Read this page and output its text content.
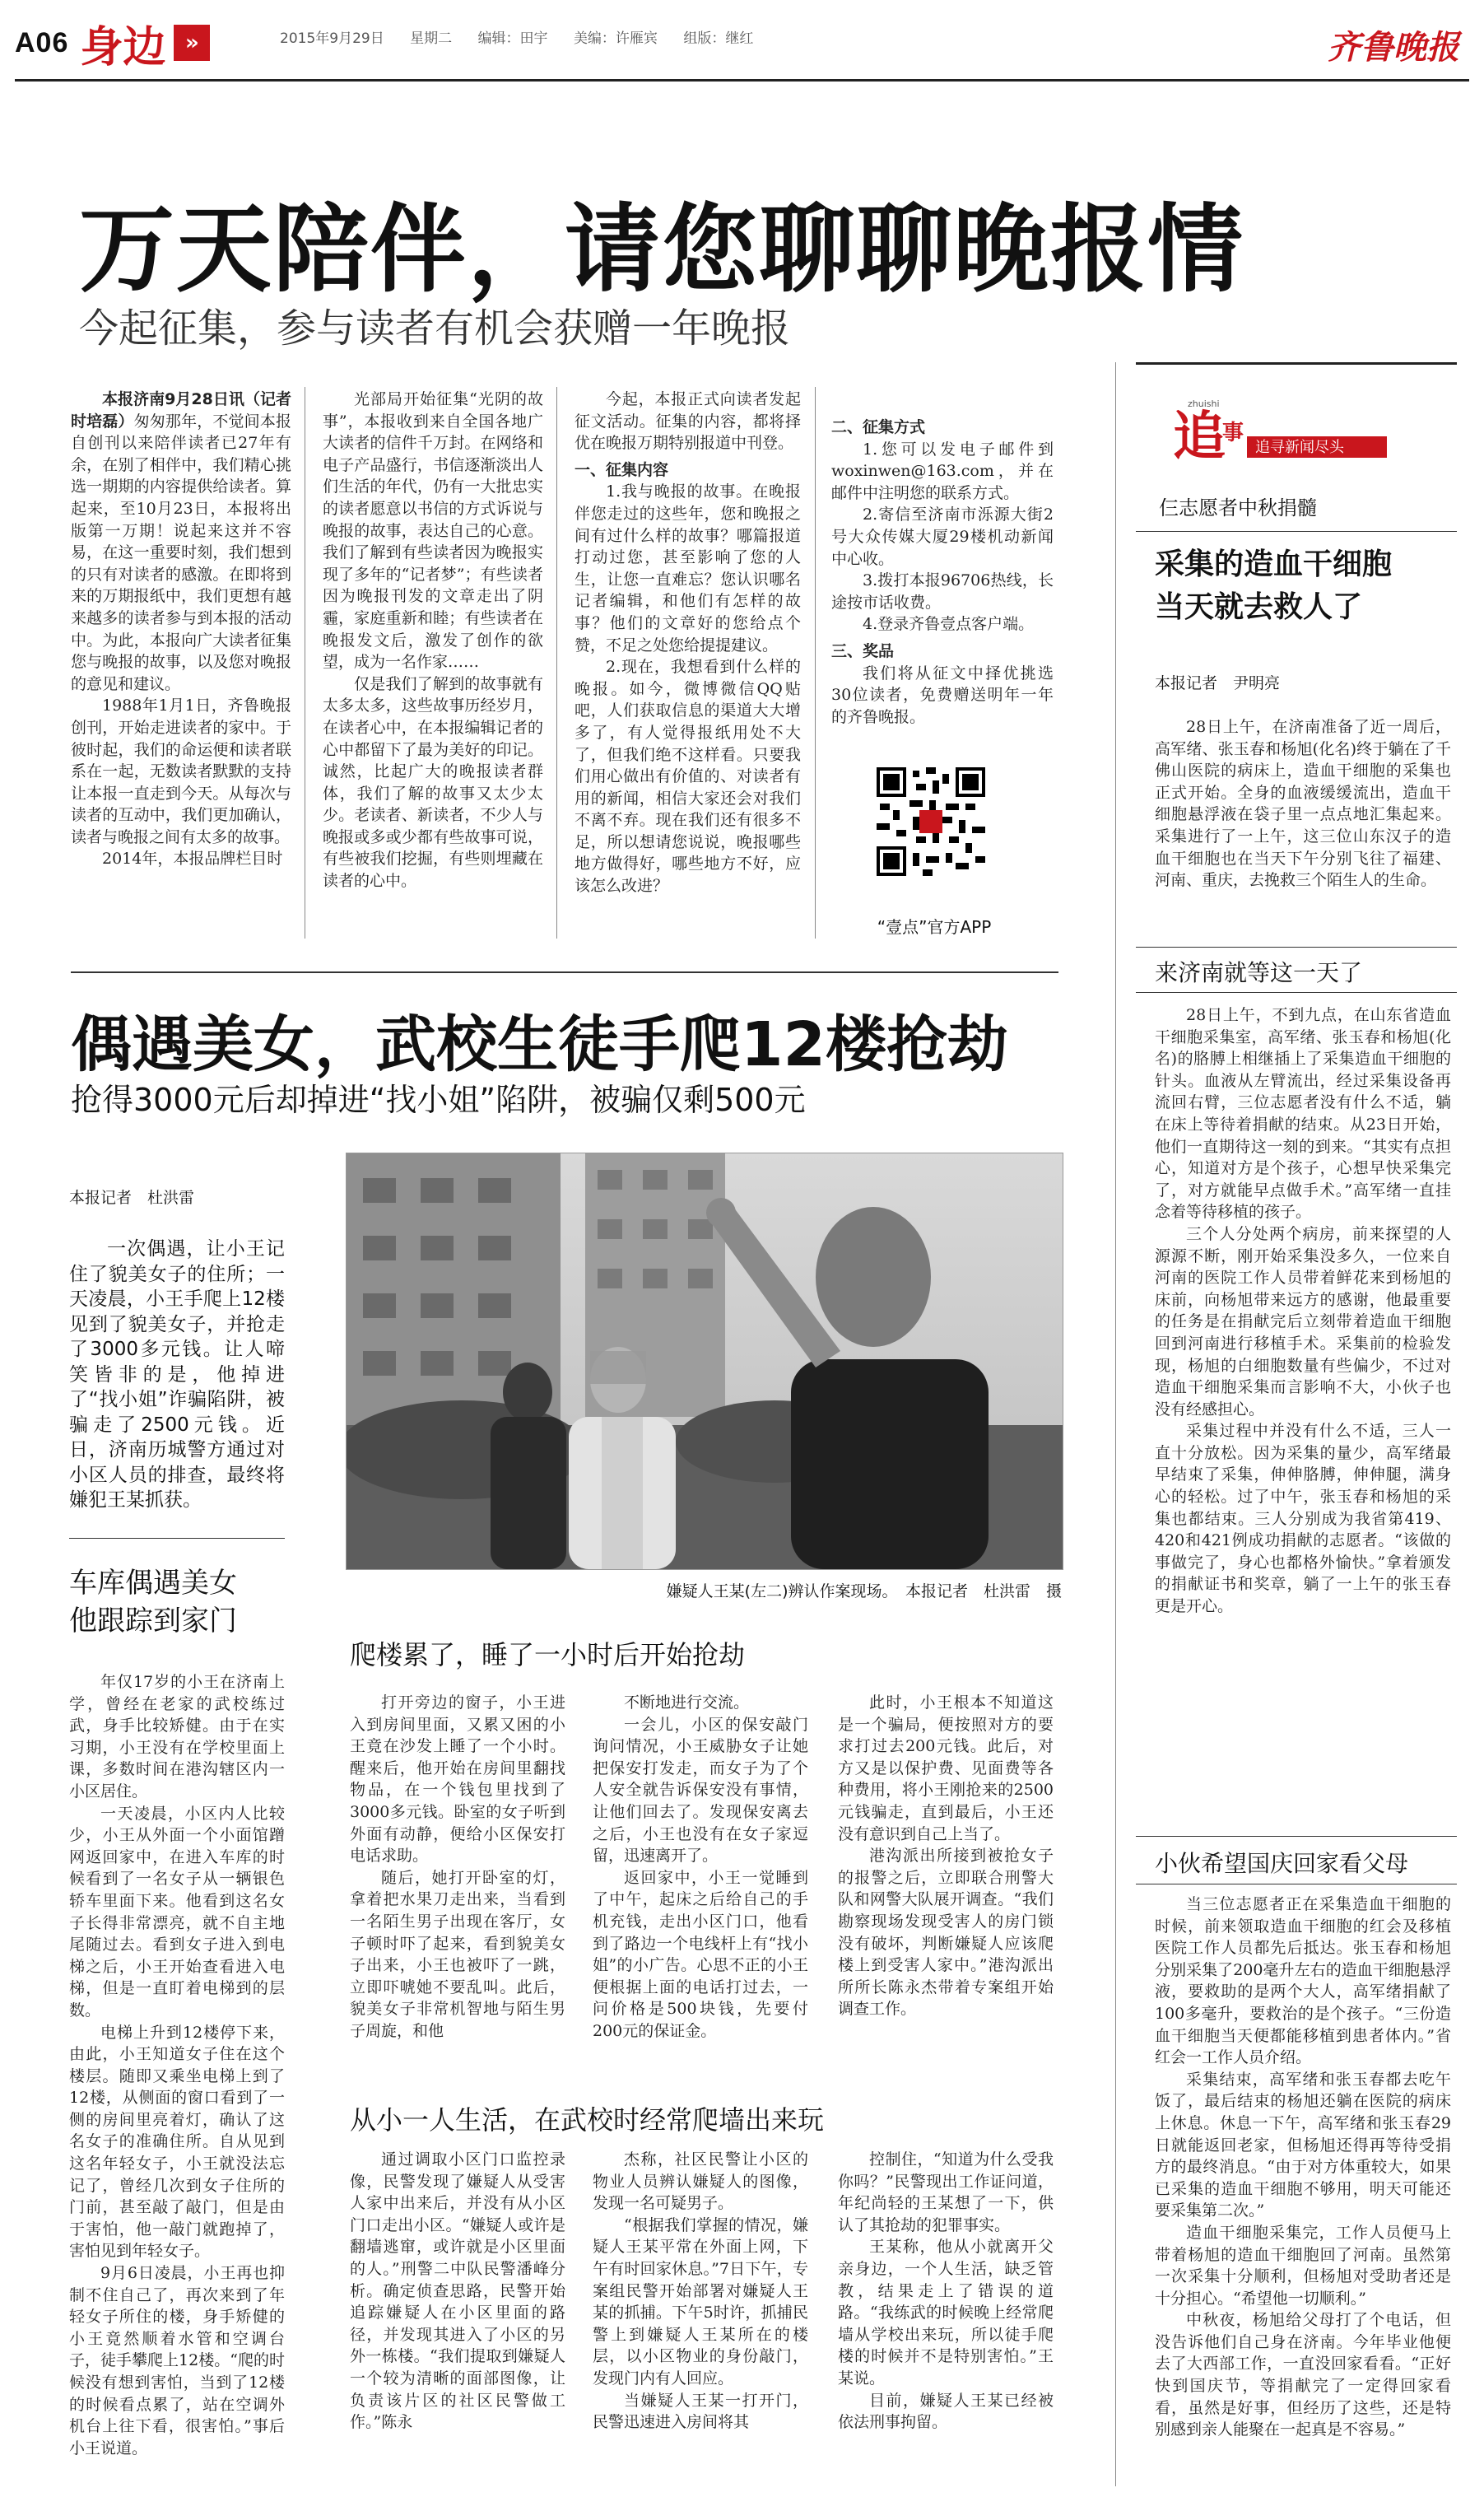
A06 身边 »	2015年9月29日 星期二 编辑：田宇 美编：许雁宾 组版：继红	齐鲁晚报
万天陪伴，请您聊聊晚报情
今起征集，参与读者有机会获赠一年晚报

本报济南9月28日讯（记者 时培磊）匆匆那年，不觉间本报自创刊以来陪伴读者已27年有余，在别了相伴中，我们精心挑选一期期的内容提供给读者。算起来，至10月23日，本报将出版第一万期！说起来这并不容易，在这一重要时刻，我们想到的只有对读者的感激。在即将到来的万期报纸中，我们更想有越来越多的读者参与到本报的活动中。为此，本报向广大读者征集您与晚报的故事，以及您对晚报的意见和建议。

1988年1月1日，齐鲁晚报创刊，开始走进读者的家中。于彼时起，我们的命运便和读者联系在一起，无数读者默默的支持让本报一直走到今天。从每次与读者的互动中，我们更加确认，读者与晚报之间有太多的故事。

2014年，本报品牌栏目时

光部局开始征集“光阴的故事”，本报收到来自全国各地广大读者的信件千万封。在网络和电子产品盛行，书信逐渐淡出人们生活的年代，仍有一大批忠实的读者愿意以书信的方式诉说与晚报的故事，表达自己的心意。我们了解到有些读者因为晚报实现了多年的“记者梦”；有些读者因为晚报刊发的文章走出了阴霾，家庭重新和睦；有些读者在晚报发文后，激发了创作的欲望，成为一名作家……

仅是我们了解到的故事就有太多太多，这些故事历经岁月，在读者心中，在本报编辑记者的心中都留下了最为美好的印记。诚然，比起广大的晚报读者群体，我们了解的故事又太少太少。老读者、新读者，不少人与晚报或多或少都有些故事可说，有些被我们挖掘，有些则埋藏在读者的心中。

今起，本报正式向读者发起征文活动。征集的内容，都将择优在晚报万期特别报道中刊登。

一、征集内容

1.我与晚报的故事。在晚报伴您走过的这些年，您和晚报之间有过什么样的故事？哪篇报道打动过您，甚至影响了您的人生，让您一直难忘？您认识哪名记者编辑，和他们有怎样的故事？他们的文章好的您给点个赞，不足之处您给提提建议。

2.现在，我想看到什么样的晚报。如今，微博微信QQ贴吧，人们获取信息的渠道大大增多了，有人觉得报纸用处不大了，但我们绝不这样看。只要我们用心做出有价值的、对读者有用的新闻，相信大家还会对我们不离不弃。现在我们还有很多不足，所以想请您说说，晚报哪些地方做得好，哪些地方不好，应该怎么改进？

二、征集方式

1.您可以发电子邮件到woxinwen@163.com，并在邮件中注明您的联系方式。

2.寄信至济南市泺源大街2号大众传媒大厦29楼机动新闻中心收。

3.拨打本报96706热线，长途按市话收费。

4.登录齐鲁壹点客户端。

三、奖品

我们将从征文中择优挑选30位读者，免费赠送明年一年的齐鲁晚报。

“壹点”官方APP
偶遇美女，武校生徒手爬12楼抢劫
抢得3000元后却掉进“找小姐”陷阱，被骗仅剩500元
本报记者　杜洪雷

一次偶遇，让小王记住了貌美女子的住所；一天凌晨，小王手爬上12楼见到了貌美女子，并抢走了3000多元钱。让人啼笑皆非的是，他掉进了“找小姐”诈骗陷阱，被骗走了2500元钱。近日，济南历城警方通过对小区人员的排查，最终将嫌犯王某抓获。

嫌疑人王某(左二)辨认作案现场。　本报记者　杜洪雷　摄
车库偶遇美女
他跟踪到家门

年仅17岁的小王在济南上学，曾经在老家的武校练过武，身手比较矫健。由于在实习期，小王没有在学校里面上课，多数时间在港沟辖区内一小区居住。

一天凌晨，小区内人比较少，小王从外面一个小面馆蹭网返回家中，在进入车库的时候看到了一名女子从一辆银色轿车里面下来。他看到这名女子长得非常漂亮，就不自主地尾随过去。看到女子进入到电梯之后，小王开始查看进入电梯，但是一直盯着电梯到的层数。

电梯上升到12楼停下来，由此，小王知道女子住在这个楼层。随即又乘坐电梯上到了12楼，从侧面的窗口看到了一侧的房间里亮着灯，确认了这名女子的准确住所。自从见到这名年轻女子，小王就没法忘记了，曾经几次到女子住所的门前，甚至敲了敲门，但是由于害怕，他一敲门就跑掉了，害怕见到年轻女子。

9月6日凌晨，小王再也抑制不住自己了，再次来到了年轻女子所住的楼，身手矫健的小王竟然顺着水管和空调台子，徒手攀爬上12楼。“爬的时候没有想到害怕，当到了12楼的时候看点累了，站在空调外机台上往下看，很害怕。”事后小王说道。

爬楼累了，睡了一小时后开始抢劫

打开旁边的窗子，小王进入到房间里面，又累又困的小王竟在沙发上睡了一个小时。醒来后，他开始在房间里翻找物品，在一个钱包里找到了3000多元钱。卧室的女子听到外面有动静，便给小区保安打电话求助。

随后，她打开卧室的灯，拿着把水果刀走出来，当看到一名陌生男子出现在客厅，女子顿时吓了起来，看到貌美女子出来，小王也被吓了一跳，立即吓唬她不要乱叫。此后，貌美女子非常机智地与陌生男子周旋，和他

不断地进行交流。

一会儿，小区的保安敲门询问情况，小王威胁女子让她把保安打发走，而女子为了个人安全就告诉保安没有事情，让他们回去了。发现保安离去之后，小王也没有在女子家逗留，迅速离开了。

返回家中，小王一觉睡到了中午，起床之后给自己的手机充钱，走出小区门口，他看到了路边一个电线杆上有“找小姐”的小广告。心思不正的小王便根据上面的电话打过去，一问价格是500块钱，先要付200元的保证金。

此时，小王根本不知道这是一个骗局，便按照对方的要求打过去200元钱。此后，对方又是以保护费、见面费等各种费用，将小王刚抢来的2500元钱骗走，直到最后，小王还没有意识到自己上当了。

港沟派出所接到被抢女子的报警之后，立即联合刑警大队和网警大队展开调查。“我们勘察现场发现受害人的房门锁没有破坏，判断嫌疑人应该爬楼上到受害人家中。”港沟派出所所长陈永杰带着专案组开始调查工作。

从小一人生活，在武校时经常爬墙出来玩

通过调取小区门口监控录像，民警发现了嫌疑人从受害人家中出来后，并没有从小区门口走出小区。“嫌疑人或许是翻墙逃窜，或许就是小区里面的人。”刑警二中队民警潘峰分析。确定侦查思路，民警开始追踪嫌疑人在小区里面的路径，并发现其进入了小区的另外一栋楼。“我们提取到嫌疑人一个较为清晰的面部图像，让负责该片区的社区民警做工作。”陈永

杰称，社区民警让小区的物业人员辨认嫌疑人的图像，发现一名可疑男子。

“根据我们掌握的情况，嫌疑人王某平常在外面上网，下午有时回家休息。”7日下午，专案组民警开始部署对嫌疑人王某的抓捕。下午5时许，抓捕民警上到嫌疑人王某所在的楼层，以小区物业的身份敲门，发现门内有人回应。

当嫌疑人王某一打开门，民警迅速进入房间将其

控制住，“知道为什么受我你吗？”民警现出工作证问道，年纪尚轻的王某想了一下，供认了其抢劫的犯罪事实。

王某称，他从小就离开父亲身边，一个人生活，缺乏管教，结果走上了错误的道路。“我练武的时候晚上经常爬墙从学校出来玩，所以徒手爬楼的时候并不是特别害怕。”王某说。

目前，嫌疑人王某已经被依法刑事拘留。

zhuishi
追
事
追寻新闻尽头
仨志愿者中秋捐髓
采集的造血干细胞
当天就去救人了
本报记者　尹明亮

28日上午，在济南准备了近一周后，高军绪、张玉春和杨旭(化名)终于躺在了千佛山医院的病床上，造血干细胞的采集也正式开始。全身的血液缓缓流出，造血干细胞悬浮液在袋子里一点点地汇集起来。采集进行了一上午，这三位山东汉子的造血干细胞也在当天下午分别飞往了福建、河南、重庆，去挽救三个陌生人的生命。

来济南就等这一天了

28日上午，不到九点，在山东省造血干细胞采集室，高军绪、张玉春和杨旭(化名)的胳膊上相继插上了采集造血干细胞的针头。血液从左臂流出，经过采集设备再流回右臂，三位志愿者没有什么不适，躺在床上等待着捐献的结束。从23日开始，他们一直期待这一刻的到来。“其实有点担心，知道对方是个孩子，心想早快采集完了，对方就能早点做手术。”高军绪一直挂念着等待移植的孩子。

三个人分处两个病房，前来探望的人源源不断，刚开始采集没多久，一位来自河南的医院工作人员带着鲜花来到杨旭的床前，向杨旭带来远方的感谢，他最重要的任务是在捐献完后立刻带着造血干细胞回到河南进行移植手术。采集前的检验发现，杨旭的白细胞数量有些偏少，不过对造血干细胞采集而言影响不大，小伙子也没有经感担心。

采集过程中并没有什么不适，三人一直十分放松。因为采集的量少，高军绪最早结束了采集，伸伸胳膊，伸伸腿，满身心的轻松。过了中午，张玉春和杨旭的采集也都结束。三人分别成为我省第419、420和421例成功捐献的志愿者。“该做的事做完了，身心也都格外愉快。”拿着颁发的捐献证书和奖章，躺了一上午的张玉春更是开心。

小伙希望国庆回家看父母

当三位志愿者正在采集造血干细胞的时候，前来领取造血干细胞的红会及移植医院工作人员都先后抵达。张玉春和杨旭分别采集了200毫升左右的造血干细胞悬浮液，要救助的是两个大人，高军绪捐献了100多毫升，要救治的是个孩子。“三份造血干细胞当天便都能移植到患者体内。”省红会一工作人员介绍。

采集结束，高军绪和张玉春都去吃午饭了，最后结束的杨旭还躺在医院的病床上休息。休息一下午，高军绪和张玉春29日就能返回老家，但杨旭还得再等待受捐方的最终消息。“由于对方体重较大，如果已采集的造血干细胞不够用，明天可能还要采集第二次。”

造血干细胞采集完，工作人员便马上带着杨旭的造血干细胞回了河南。虽然第一次采集十分顺利，但杨旭对受助者还是十分担心。“希望他一切顺利。”

中秋夜，杨旭给父母打了个电话，但没告诉他们自己身在济南。今年毕业他便去了大西部工作，一直没回家看看。“正好快到国庆节，等捐献完了一定得回家看看，虽然是好事，但经历了这些，还是特别感到亲人能聚在一起真是不容易。”
